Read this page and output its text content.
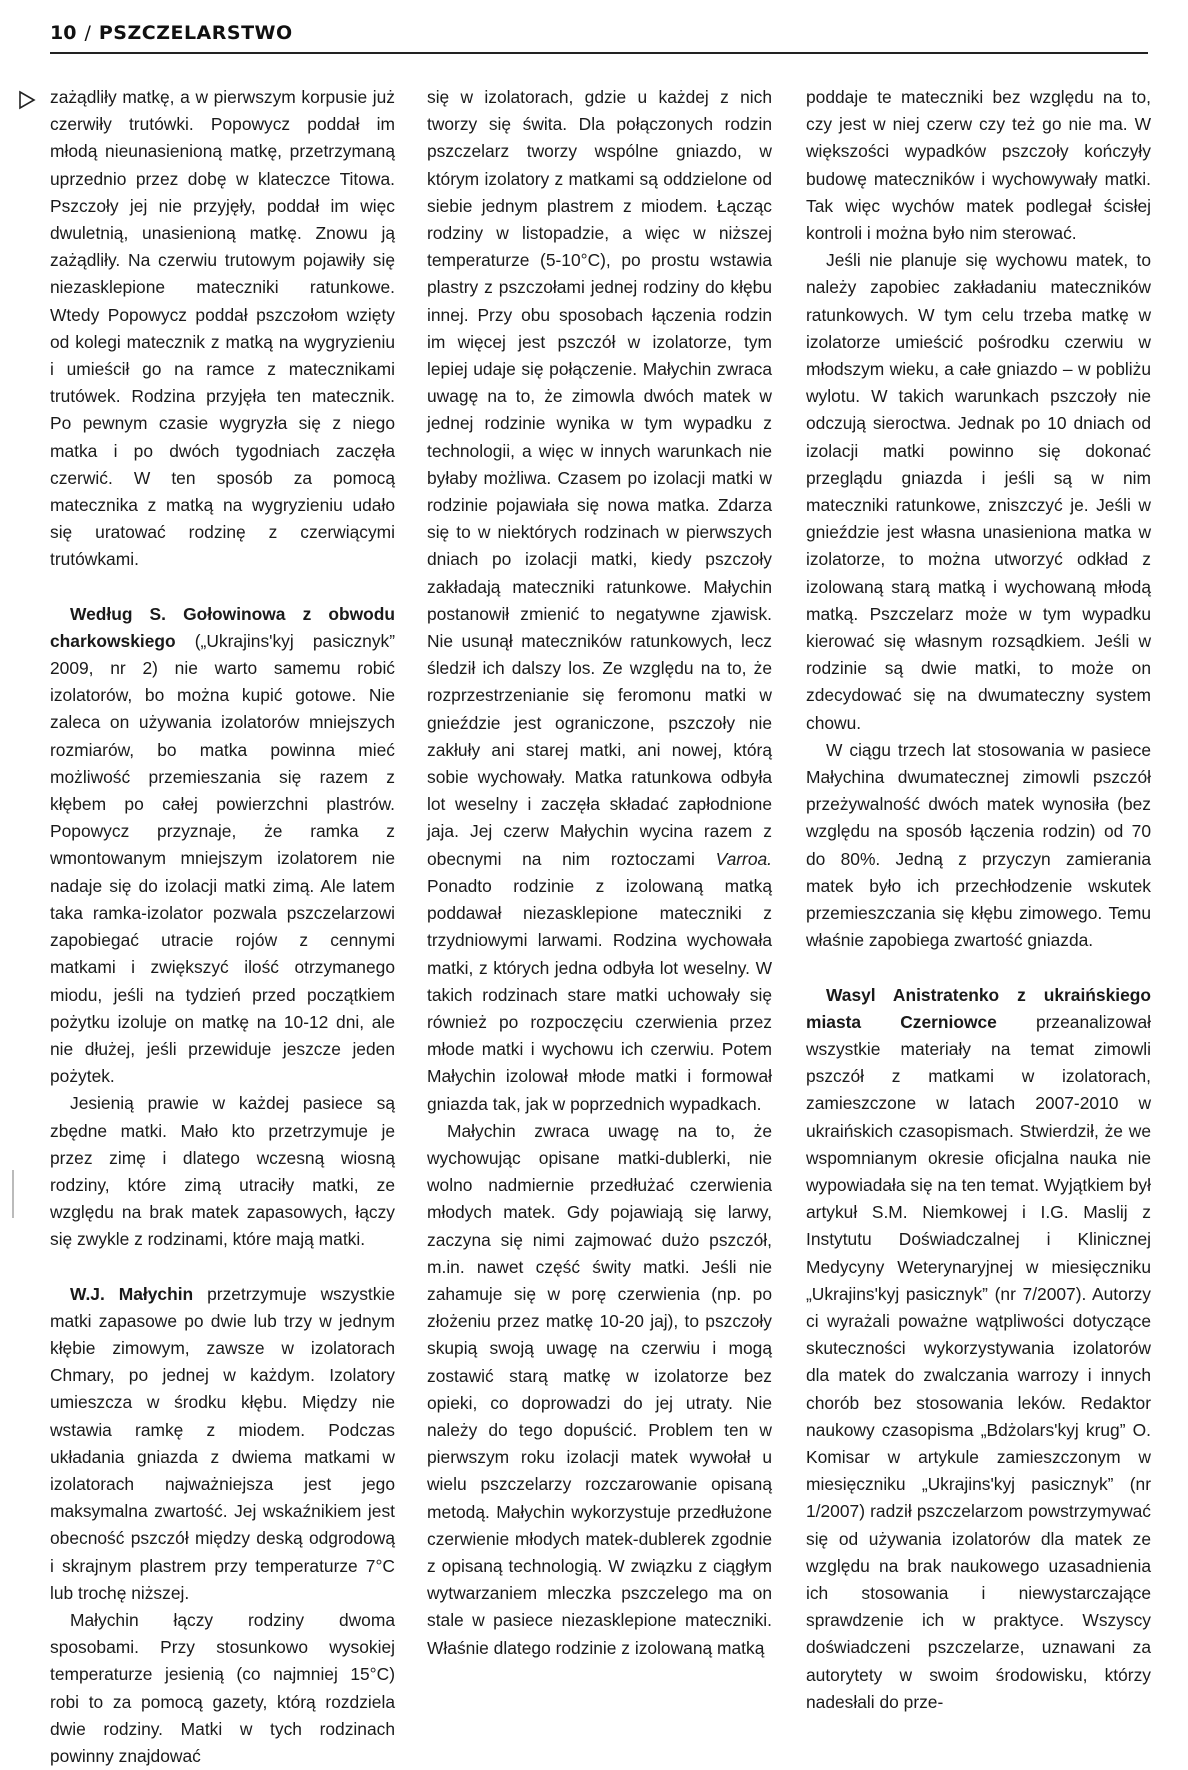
10 / PSZCZELARSTWO

zażądliły matkę, a w pierwszym korpusie już czerwiły trutówki. Popowycz poddał im młodą nieunasienioną matkę, przetrzymaną uprzednio przez dobę w klateczce Titowa. Pszczoły jej nie przyjęły, poddał im więc dwuletnią, unasienioną matkę. Znowu ją zażądliły. Na czerwiu trutowym pojawiły się niezasklepione mateczniki ratunkowe. Wtedy Popowycz poddał pszczołom wzięty od kolegi matecznik z matką na wygryzieniu i umieścił go na ramce z matecznikami trutówek. Rodzina przyjęła ten matecznik. Po pewnym czasie wygryzła się z niego matka i po dwóch tygodniach zaczęła czerwić. W ten sposób za pomocą matecznika z matką na wygryzieniu udało się uratować rodzinę z czerwiącymi trutówkami.

Według S. Gołowinowa z obwodu charkowskiego („Ukrajins'kyj pasicznyk” 2009, nr 2) nie warto samemu robić izolatorów, bo można kupić gotowe. Nie zaleca on używania izolatorów mniejszych rozmiarów, bo matka powinna mieć możliwość przemieszania się razem z kłębem po całej powierzchni plastrów. Popowycz przyznaje, że ramka z wmontowanym mniejszym izolatorem nie nadaje się do izolacji matki zimą. Ale latem taka ramka-izolator pozwala pszczelarzowi zapobiegać utracie rojów z cennymi matkami i zwiększyć ilość otrzymanego miodu, jeśli na tydzień przed początkiem pożytku izoluje on matkę na 10-12 dni, ale nie dłużej, jeśli przewiduje jeszcze jeden pożytek.

Jesienią prawie w każdej pasiece są zbędne matki. Mało kto przetrzymuje je przez zimę i dlatego wczesną wiosną rodziny, które zimą utraciły matki, ze względu na brak matek zapasowych, łączy się zwykle z rodzinami, które mają matki.

W.J. Małychin przetrzymuje wszystkie matki zapasowe po dwie lub trzy w jednym kłębie zimowym, zawsze w izolatorach Chmary, po jednej w każdym. Izolatory umieszcza w środku kłębu. Między nie wstawia ramkę z miodem. Podczas układania gniazda z dwiema matkami w izolatorach najważniejsza jest jego maksymalna zwartość. Jej wskaźnikiem jest obecność pszczół między deską odgrodową i skrajnym plastrem przy temperaturze 7°C lub trochę niższej.

Małychin łączy rodziny dwoma sposobami. Przy stosunkowo wysokiej temperaturze jesienią (co najmniej 15°C) robi to za pomocą gazety, którą rozdziela dwie rodziny. Matki w tych rodzinach powinny znajdować

się w izolatorach, gdzie u każdej z nich tworzy się świta. Dla połączonych rodzin pszczelarz tworzy wspólne gniazdo, w którym izolatory z matkami są oddzielone od siebie jednym plastrem z miodem. Łącząc rodziny w listopadzie, a więc w niższej temperaturze (5-10°C), po prostu wstawia plastry z pszczołami jednej rodziny do kłębu innej. Przy obu sposobach łączenia rodzin im więcej jest pszczół w izolatorze, tym lepiej udaje się połączenie. Małychin zwraca uwagę na to, że zimowla dwóch matek w jednej rodzinie wynika w tym wypadku z technologii, a więc w innych warunkach nie byłaby możliwa. Czasem po izolacji matki w rodzinie pojawiała się nowa matka. Zdarza się to w niektórych rodzinach w pierwszych dniach po izolacji matki, kiedy pszczoły zakładają mateczniki ratunkowe. Małychin postanowił zmienić to negatywne zjawisk. Nie usunął mateczników ratunkowych, lecz śledził ich dalszy los. Ze względu na to, że rozprzestrzenianie się feromonu matki w gnieździe jest ograniczone, pszczoły nie zakłuły ani starej matki, ani nowej, którą sobie wychowały. Matka ratunkowa odbyła lot weselny i zaczęła składać zapłodnione jaja. Jej czerw Małychin wycina razem z obecnymi na nim roztoczami Varroa. Ponadto rodzinie z izolowaną matką poddawał niezasklepione mateczniki z trzydniowymi larwami. Rodzina wychowała matki, z których jedna odbyła lot weselny. W takich rodzinach stare matki uchowały się również po rozpoczęciu czerwienia przez młode matki i wychowu ich czerwiu. Potem Małychin izolował młode matki i formował gniazda tak, jak w poprzednich wypadkach.

Małychin zwraca uwagę na to, że wychowując opisane matki-dublerki, nie wolno nadmiernie przedłużać czerwienia młodych matek. Gdy pojawiają się larwy, zaczyna się nimi zajmować dużo pszczół, m.in. nawet część świty matki. Jeśli nie zahamuje się w porę czerwienia (np. po złożeniu przez matkę 10-20 jaj), to pszczoły skupią swoją uwagę na czerwiu i mogą zostawić starą matkę w izolatorze bez opieki, co doprowadzi do jej utraty. Nie należy do tego dopuścić. Problem ten w pierwszym roku izolacji matek wywołał u wielu pszczelarzy rozczarowanie opisaną metodą. Małychin wykorzystuje przedłużone czerwienie młodych matek-dublerek zgodnie z opisaną technologią. W związku z ciągłym wytwarzaniem mleczka pszczelego ma on stale w pasiece niezasklepione mateczniki. Właśnie dlatego rodzinie z izolowaną matką

poddaje te mateczniki bez względu na to, czy jest w niej czerw czy też go nie ma. W większości wypadków pszczoły kończyły budowę mateczników i wychowywały matki. Tak więc wychów matek podlegał ścisłej kontroli i można było nim sterować.

Jeśli nie planuje się wychowu matek, to należy zapobiec zakładaniu mateczników ratunkowych. W tym celu trzeba matkę w izolatorze umieścić pośrodku czerwiu w młodszym wieku, a całe gniazdo – w pobliżu wylotu. W takich warunkach pszczoły nie odczują sieroctwa. Jednak po 10 dniach od izolacji matki powinno się dokonać przeglądu gniazda i jeśli są w nim mateczniki ratunkowe, zniszczyć je. Jeśli w gnieździe jest własna unasieniona matka w izolatorze, to można utworzyć odkład z izolowaną starą matką i wychowaną młodą matką. Pszczelarz może w tym wypadku kierować się własnym rozsądkiem. Jeśli w rodzinie są dwie matki, to może on zdecydować się na dwumateczny system chowu.

W ciągu trzech lat stosowania w pasiece Małychina dwumatecznej zimowli pszczół przeżywalność dwóch matek wynosiła (bez względu na sposób łączenia rodzin) od 70 do 80%. Jedną z przyczyn zamierania matek było ich przechłodzenie wskutek przemieszczania się kłębu zimowego. Temu właśnie zapobiega zwartość gniazda.

Wasyl Anistratenko z ukraińskiego miasta Czerniowce przeanalizował wszystkie materiały na temat zimowli pszczół z matkami w izolatorach, zamieszczone w latach 2007-2010 w ukraińskich czasopismach. Stwierdził, że we wspomnianym okresie oficjalna nauka nie wypowiadała się na ten temat. Wyjątkiem był artykuł S.M. Niemkowej i I.G. Maslij z Instytutu Doświadczalnej i Klinicznej Medycyny Weterynaryjnej w miesięczniku „Ukrajins'kyj pasicznyk” (nr 7/2007). Autorzy ci wyrażali poważne wątpliwości dotyczące skuteczności wykorzystywania izolatorów dla matek do zwalczania warrozy i innych chorób bez stosowania leków. Redaktor naukowy czasopisma „Bdżolars'kyj krug” O. Komisar w artykule zamieszczonym w miesięczniku „Ukrajins'kyj pasicznyk” (nr 1/2007) radził pszczelarzom powstrzymywać się od używania izolatorów dla matek ze względu na brak naukowego uzasadnienia ich stosowania i niewystarczające sprawdzenie ich w praktyce. Wszyscy doświadczeni pszczelarze, uznawani za autorytety w swoim środowisku, którzy nadesłali do prze-
